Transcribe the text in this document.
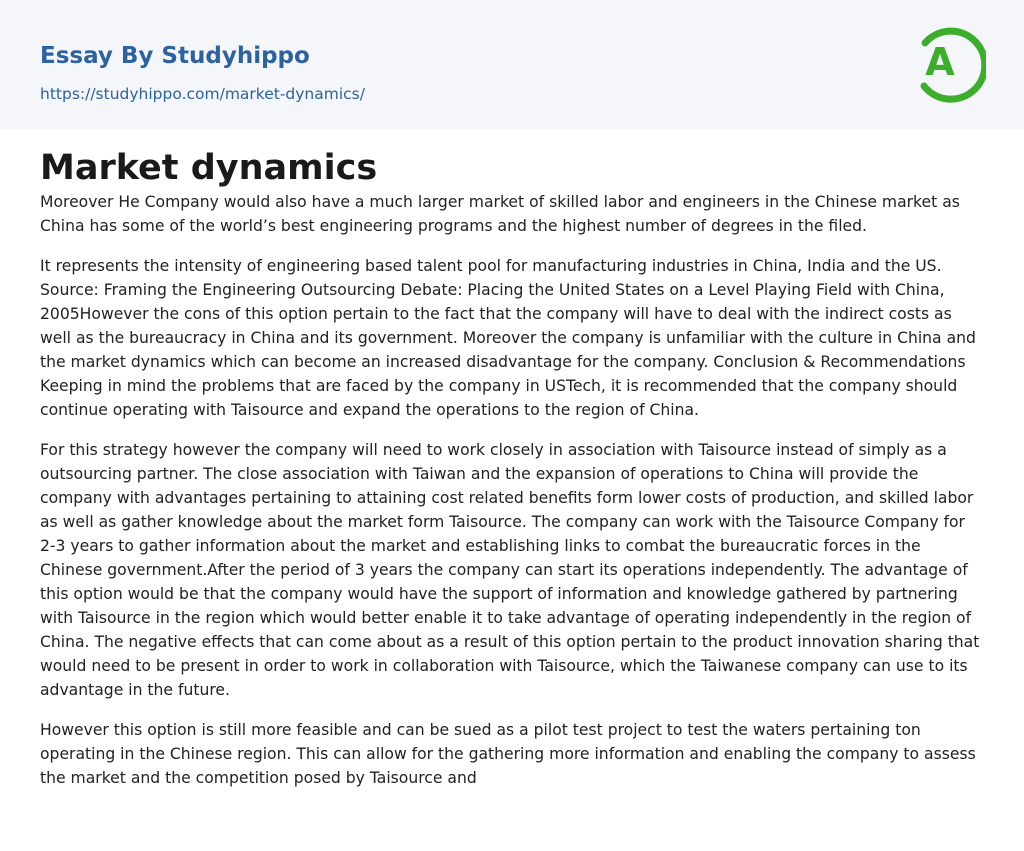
Essay By Studyhippo
https://studyhippo.com/market-dynamics/
A
Market dynamics

Moreover He Company would also have a much larger market of skilled labor and engineers in the Chinese market as China has some of the world’s best engineering programs and the highest number of degrees in the filed.

It represents the intensity of engineering based talent pool for manufacturing industries in China, India and the US. Source: Framing the Engineering Outsourcing Debate: Placing the United States on a Level Playing Field with China, 2005However the cons of this option pertain to the fact that the company will have to deal with the indirect costs as well as the bureaucracy in China and its government. Moreover the company is unfamiliar with the culture in China and the market dynamics which can become an increased disadvantage for the company. Conclusion & Recommendations Keeping in mind the problems that are faced by the company in USTech, it is recommended that the company should continue operating with Taisource and expand the operations to the region of China.

For this strategy however the company will need to work closely in association with Taisource instead of simply as a outsourcing partner. The close association with Taiwan and the expansion of operations to China will provide the company with advantages pertaining to attaining cost related benefits form lower costs of production, and skilled labor as well as gather knowledge about the market form Taisource. The company can work with the Taisource Company for 2-3 years to gather information about the market and establishing links to combat the bureaucratic forces in the Chinese government.After the period of 3 years the company can start its operations independently. The advantage of this option would be that the company would have the support of information and knowledge gathered by partnering with Taisource in the region which would better enable it to take advantage of operating independently in the region of China. The negative effects that can come about as a result of this option pertain to the product innovation sharing that would need to be present in order to work in collaboration with Taisource, which the Taiwanese company can use to its advantage in the future.

However this option is still more feasible and can be sued as a pilot test project to test the waters pertaining ton operating in the Chinese region. This can allow for the gathering more information and enabling the company to assess the market and the competition posed by Taisource and
